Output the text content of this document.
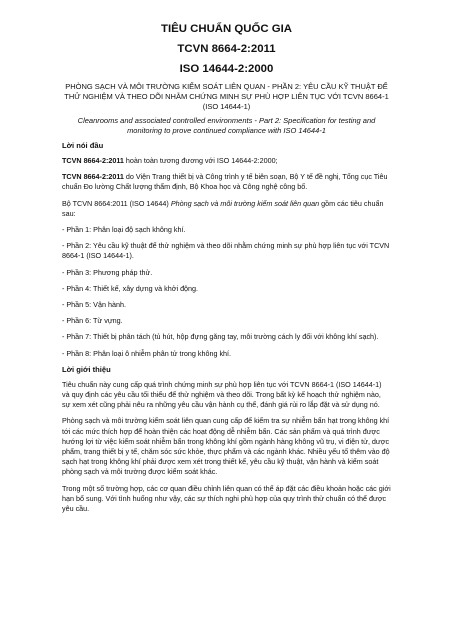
TIÊU CHUẨN QUỐC GIA
TCVN 8664-2:2011
ISO 14644-2:2000
PHÒNG SẠCH VÀ MÔI TRƯỜNG KIỂM SOÁT LIÊN QUAN - PHẦN 2: YÊU CẦU KỸ THUẬT ĐỂ THỬ NGHIỆM VÀ THEO DÕI NHẰM CHỨNG MINH SỰ PHÙ HỢP LIÊN TỤC VỚI TCVN 8664-1 (ISO 14644-1)
Cleanrooms and associated controlled environments - Part 2: Specification for testing and monitoring to prove continued compliance with ISO 14644-1
Lời nói đầu

TCVN 8664-2:2011 hoàn toàn tương đương với ISO 14644-2:2000;

TCVN 8664-2:2011 do Viện Trang thiết bị và Công trình y tế biên soạn, Bộ Y tế đề nghị, Tổng cục Tiêu chuẩn Đo lường Chất lượng thẩm định, Bộ Khoa học và Công nghệ công bố.

Bộ TCVN 8664:2011 (ISO 14644) Phòng sạch và môi trường kiểm soát liên quan gồm các tiêu chuẩn sau:

- Phần 1: Phân loại độ sạch không khí.

- Phần 2: Yêu cầu kỹ thuật để thử nghiệm và theo dõi nhằm chứng minh sự phù hợp liên tục với TCVN 8664-1 (ISO 14644-1).

- Phần 3: Phương pháp thử.

- Phần 4: Thiết kế, xây dựng và khởi động.

- Phần 5: Vận hành.

- Phần 6: Từ vựng.

- Phần 7: Thiết bị phân tách (tủ hút, hộp đựng găng tay, môi trường cách ly đối với không khí sạch).

- Phần 8: Phân loại ô nhiễm phân tử trong không khí.

Lời giới thiệu

Tiêu chuẩn này cung cấp quá trình chứng minh sự phù hợp liên tục với TCVN 8664-1 (ISO 14644-1) và quy định các yêu cầu tối thiểu để thử nghiệm và theo dõi. Trong bất kỳ kế hoạch thử nghiệm nào, sự xem xét cũng phải nêu ra những yêu cầu vận hành cụ thể, đánh giá rủi ro lắp đặt và sử dụng nó.

Phòng sạch và môi trường kiểm soát liên quan cung cấp để kiểm tra sự nhiễm bẩn hạt trong không khí tới các mức thích hợp để hoàn thiện các hoạt động dễ nhiễm bẩn. Các sản phẩm và quá trình được hướng lợi từ việc kiểm soát nhiễm bẩn trong không khí gồm ngành hàng không vũ trụ, vi điện tử, dược phẩm, trang thiết bị y tế, chăm sóc sức khỏe, thực phẩm và các ngành khác. Nhiều yếu tố thêm vào độ sạch hạt trong không khí phải được xem xét trong thiết kế, yêu cầu kỹ thuật, vận hành và kiểm soát phòng sạch và môi trường được kiểm soát khác.

Trong một số trường hợp, các cơ quan điều chỉnh liên quan có thể áp đặt các điều khoản hoặc các giới hạn bổ sung. Với tình huống như vậy, các sự thích nghi phù hợp của quy trình thử chuẩn có thể được yêu cầu.
